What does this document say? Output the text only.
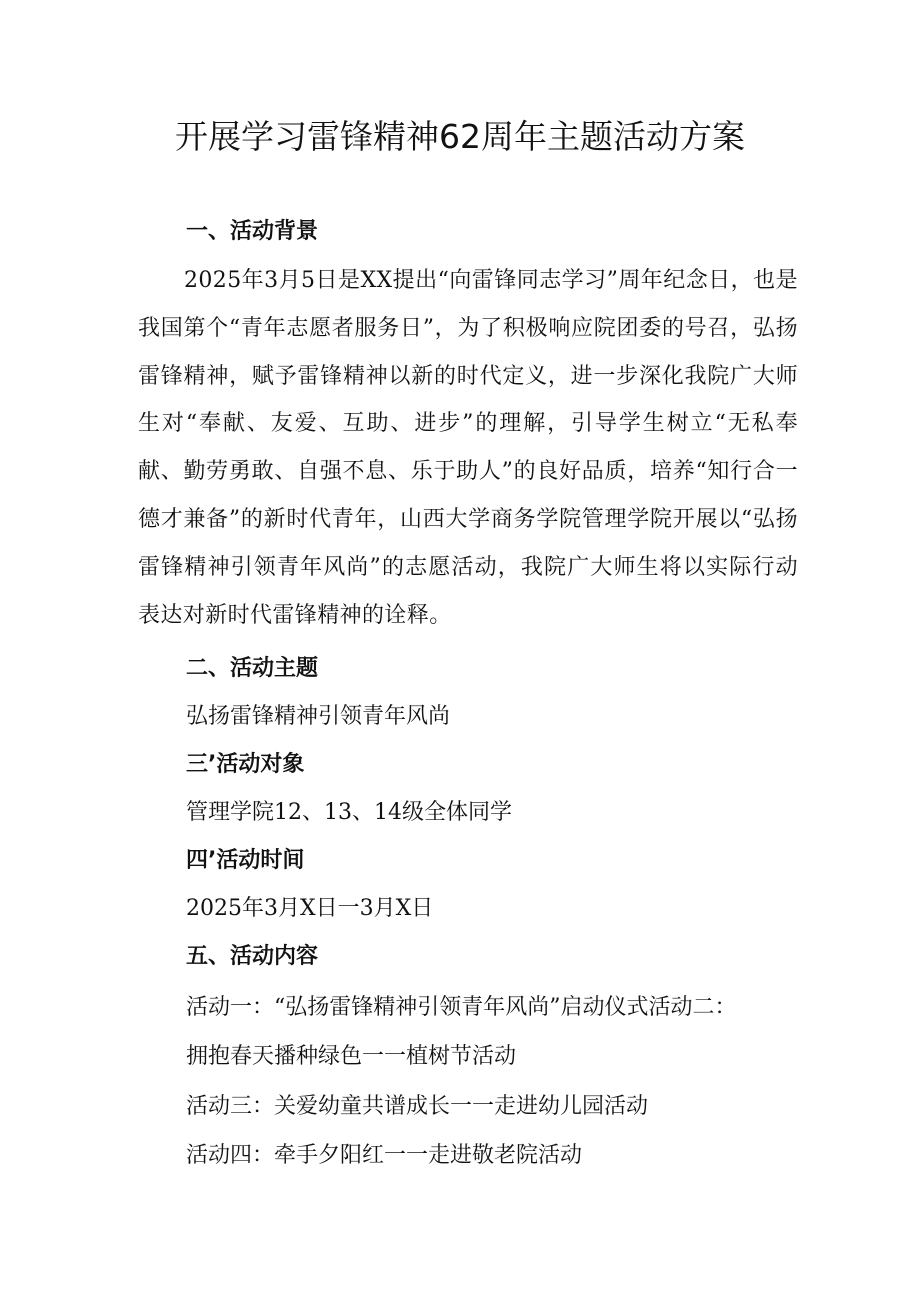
开展学习雷锋精神62周年主题活动方案
一、活动背景
2025年3月5日是XX提出“向雷锋同志学习”周年纪念日，也是我国第个“青年志愿者服务日”，为了积极响应院团委的号召，弘扬雷锋精神，赋予雷锋精神以新的时代定义，进一步深化我院广大师生对“奉献、友爱、互助、进步”的理解，引导学生树立“无私奉献、勤劳勇敢、自强不息、乐于助人”的良好品质，培养“知行合一德才兼备”的新时代青年，山西大学商务学院管理学院开展以“弘扬雷锋精神引领青年风尚”的志愿活动，我院广大师生将以实际行动表达对新时代雷锋精神的诠释。
二、活动主题
弘扬雷锋精神引领青年风尚
三’活动对象
管理学院12、13、14级全体同学
四’活动时间
2025年3月X日一3月X日
五、活动内容
活动一：“弘扬雷锋精神引领青年风尚”启动仪式活动二：
拥抱春天播种绿色一一植树节活动
活动三：关爱幼童共谱成长一一走进幼儿园活动
活动四：牵手夕阳红一一走进敬老院活动
